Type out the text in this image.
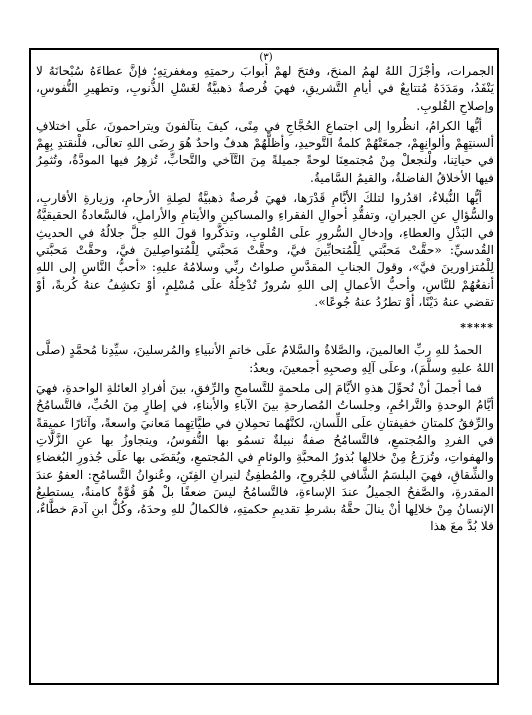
(٣)

الجمرات، وأجْزَلَ اللهُ لهمُ المنحَ، وفتحَ لهمْ أبوابَ رحمتِهِ ومغفرتِهِ؛ فإنَّ عطاءَهُ سُبْحانَهُ لا يَنْفَدُ، ومَدَدَهُ مُتتابِعٌ في أيامِ التَّشريقِ، فهيَ فُرصةٌ ذهبيَّةٌ لغَسْلِ الذُّنوبِ، وتطهيرِ النُّفوسِ، وإصلاحِ القُلوبِ.

أيُّها الكرامُ، انظُروا إلى اجتماعِ الحُجَّاجِ في مِنًى، كيفَ يتآلفونَ ويتراحمونَ، علَى اختلافِ ألسنتِهِمْ وألوانِهِمْ، جمعَتْهُمْ كلمةُ التَّوحيدِ، وأظلَّهُمْ هدفٌ واحدٌ هُوَ رِضَى اللهِ تعالَى، فلْنقتدِ بِهِمْ في حياتِنا، ولْنجعلْ مِنْ مُجتمعِنَا لوحةً جميلةً مِنَ التَّآخي والتَّحابِّ، تُزهِرُ فيها المودَّةُ، وتُثمِرُ فيها الأخلاقُ الفاضلةُ، والقيمُ السَّاميةُ.

أيُّها النُّبلاءُ، اقدُروا لتلكَ الأيَّامِ قَدْرَها، فهيَ فُرصةٌ ذهبيَّةٌ لصِلةِ الأرحامِ، وزيارةِ الأقاربِ، والسُّؤالِ عنِ الجيرانِ، وتفقُّدِ أحوالِ الفقراءِ والمساكينِ والأيتامِ والأراملِ، فالسَّعادةُ الحقيقيَّةُ في البَذْلِ والعطاءِ، وإدخالِ السُّرورِ علَى القُلوبِ، وتذكَّروا قولَ اللهِ جلَّ جلالُهُ في الحديثِ القُدسيِّ: «حقَّتْ مَحبَّتي لِلْمُتحابِّينَ فيَّ، وحقَّتْ مَحبَّتي لِلْمُتواصِلينَ فيَّ، وحقَّتْ مَحبَّتي لِلْمُتزاورينَ فيَّ»، وقولَ الجنابِ المقدَّسِ صلواتُ ربِّي وسلامُهُ عليهِ: «أحبُّ النَّاسِ إلى اللهِ أنفعُهُمْ للنَّاسِ، وأحبُّ الأعمالِ إلى اللهِ سُرورٌ تُدْخِلُهُ علَى مُسْلِمٍ، أوْ تكشِفُ عنهُ كُربةً، أوْ تقضي عنهُ دَيْنًا، أوْ تطرُدُ عنهُ جُوعًا».

*****

الحمدُ للهِ ربِّ العالمينَ، والصَّلاةُ والسَّلامُ علَى خاتمِ الأنبياءِ والمُرسلينَ، سيِّدِنا مُحمَّدٍ (صلَّى اللهُ عليهِ وسلَّمَ)، وعلَى آلِهِ وصحبِهِ أجمعينَ، وبعدُ:

فما أجملَ أنْ نُحوِّلَ هذهِ الأيَّامَ إلى ملحمةٍ للتَّسامحِ والرِّفقِ، بينَ أفرادِ العائلةِ الواحدةِ، فهيَ أيَّامُ الوحدةِ والتَّراحُمِ، وجلساتُ المُصارحةِ بينَ الآباءِ والأبناءِ، في إطارٍ مِنَ الحُبِّ، فالتَّسامُحُ والرِّفقُ كلمتانِ خفيفتانِ علَى اللِّسانِ، لكنَّهُما تحمِلانِ في طيَّاتِهِما مَعانيَ واسعةً، وآثارًا عميقةً في الفردِ والمُجتمعِ، فالتَّسامُحُ صفةٌ نبيلةٌ تسمُو بها النُّفوسُ، ويتجاوزُ بها عنِ الزَّلَّاتِ والهفواتِ، وتُزرَعُ مِنْ خلالِها بُذورُ المحبَّةِ والوئامِ في المُجتمعِ، ويُقضَى بها علَى جُذورِ البُغضاءِ والشِّقاقِ، فهيَ البلسَمُ الشَّافي للجُروحِ، والمُطفِئُ لنيرانِ الفِتَنِ، وعُنوانُ التَّسامُحِ: العفوُ عندَ المقدرةِ، والصَّفحُ الجميلُ عندَ الإساءةِ، فالتَّسامُحُ ليسَ ضعفًا بلْ هُوَ قُوَّةٌ كامنةٌ، يستطيعُ الإنسانُ مِنْ خلالِها أنْ ينالَ حقَّهُ بشرطِ تقديمِ حكمتِهِ، فالكمالُ للهِ وحدَهُ، وكُلُّ ابنِ آدمَ خطَّاءٌ، فلا بُدَّ معَ هذا
